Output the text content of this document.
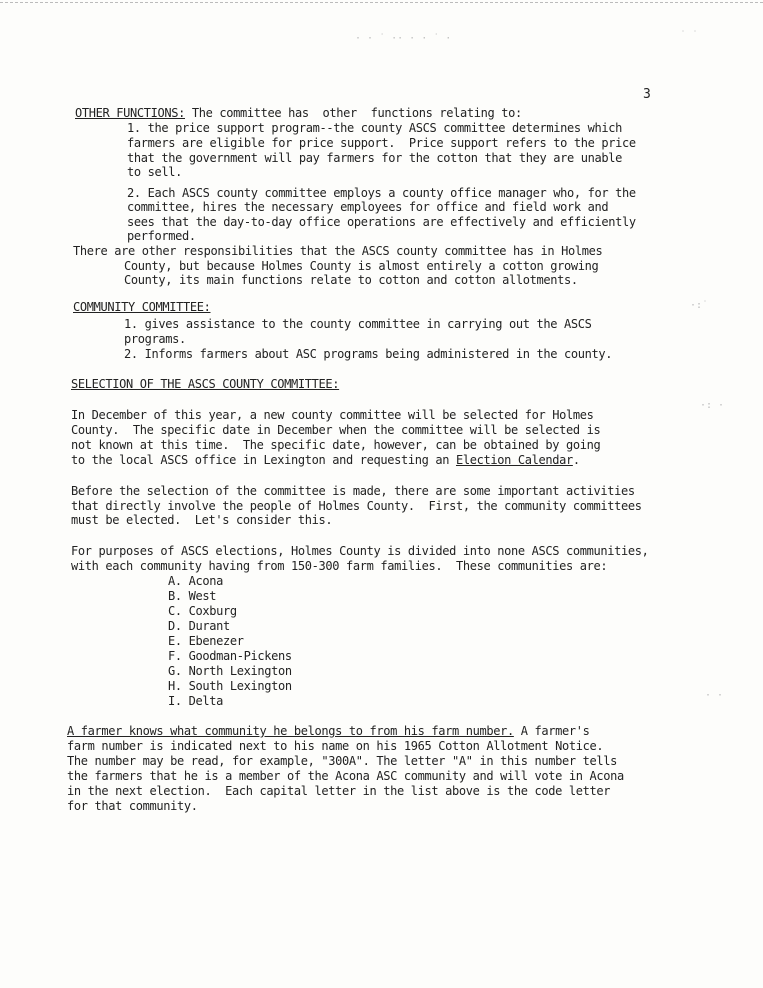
· · ˙ ·· · · ˙ ·	˙ ˙
3
OTHER FUNCTIONS: The committee has  other  functions relating to:
1. the price support program--the county ASCS committee determines which
farmers are eligible for price support.  Price support refers to the price
that the government will pay farmers for the cotton that they are unable
to sell.
2. Each ASCS county committee employs a county office manager who, for the
committee, hires the necessary employees for office and field work and
sees that the day-to-day office operations are effectively and efficiently
performed.
There are other responsibilities that the ASCS county committee has in Holmes
County, but because Holmes County is almost entirely a cotton growing
County, its main functions relate to cotton and cotton allotments.
COMMUNITY COMMITTEE:
1. gives assistance to the county committee in carrying out the ASCS
programs.
2. Informs farmers about ASC programs being administered in the county.
SELECTION OF THE ASCS COUNTY COMMITTEE:
In December of this year, a new county committee will be selected for Holmes
County.  The specific date in December when the committee will be selected is
not known at this time.  The specific date, however, can be obtained by going
to the local ASCS office in Lexington and requesting an Election Calendar.
Before the selection of the committee is made, there are some important activities
that directly involve the people of Holmes County.  First, the community committees
must be elected.  Let's consider this.
For purposes of ASCS elections, Holmes County is divided into none ASCS communities,
with each community having from 150-300 farm families.  These communities are:
A. Acona
B. West
C. Coxburg
D. Durant
E. Ebenezer
F. Goodman-Pickens
G. North Lexington
H. South Lexington
I. Delta
A farmer knows what community he belongs to from his farm number. A farmer's
farm number is indicated next to his name on his 1965 Cotton Allotment Notice.
The number may be read, for example, "300A". The letter "A" in this number tells
the farmers that he is a member of the Acona ASC community and will vote in Acona
in the next election.  Each capital letter in the list above is the code letter
for that community.
·:˙
·: ·
· ·
